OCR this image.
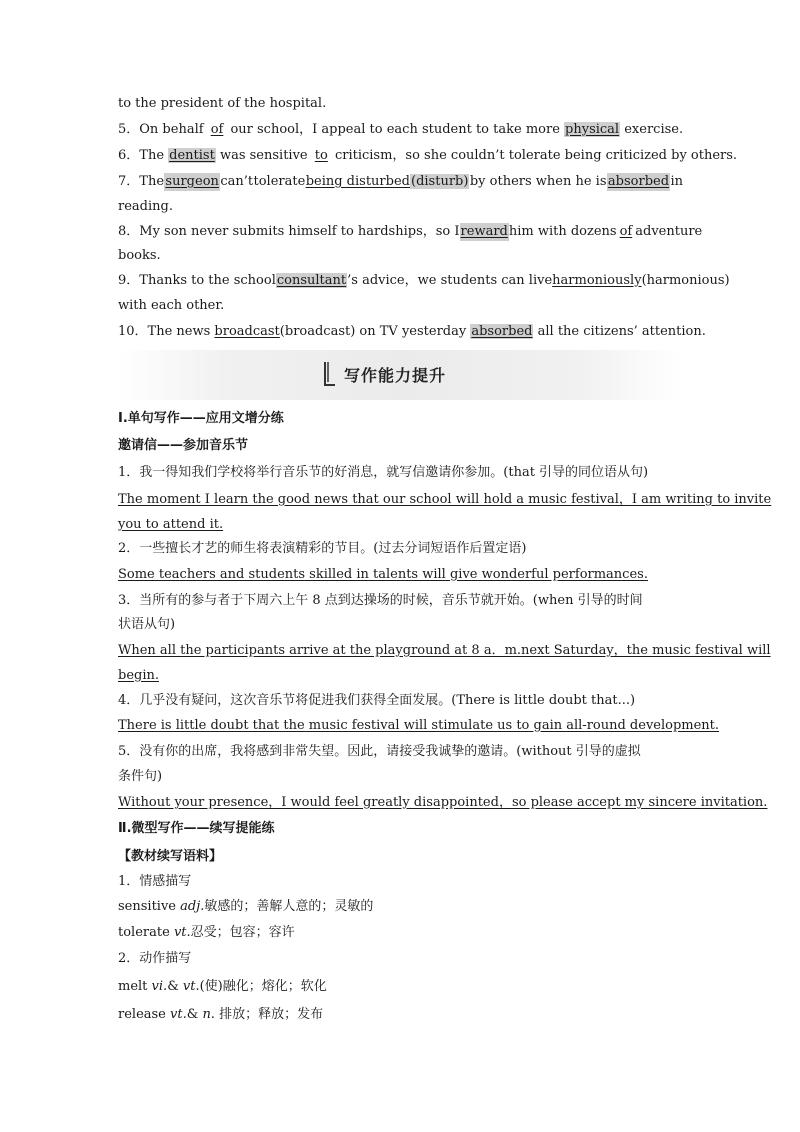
to the president of the hospital.
5．On behalf of our school，I appeal to each student to take more physical exercise.
6．The dentist was sensitive to criticism，so she couldn’t tolerate being criticized by others.
7．The surgeon can’t tolerate being disturbed(disturb) by others when he is absorbed in
reading.
8．My son never submits himself to hardships，so I reward him with dozens of adventure
books.
9．Thanks to the school consultant’s advice，we students can live harmoniously(harmonious)
with each other.
10．The news broadcast(broadcast) on TV yesterday absorbed all the citizens’ attention.
写作能力提升
Ⅰ.单句写作——应用文增分练
邀请信——参加音乐节
1．我一得知我们学校将举行音乐节的好消息，就写信邀请你参加。(that 引导的同位语从句)
The moment I learn the good news that our school will hold a music festival，I am writing to invite
you to attend it.
2．一些擅长才艺的师生将表演精彩的节目。(过去分词短语作后置定语)
Some teachers and students skilled in talents will give wonderful performances.
3．当所有的参与者于下周六上午 8 点到达操场的时候，音乐节就开始。(when 引导的时间
状语从句)
When all the participants arrive at the playground at 8 a．m.next Saturday，the music festival will
begin.
4．几乎没有疑问，这次音乐节将促进我们获得全面发展。(There is little doubt that...)
There is little doubt that the music festival will stimulate us to gain all-round development.
5．没有你的出席，我将感到非常失望。因此，请接受我诚挚的邀请。(without 引导的虚拟
条件句)
Without your presence，I would feel greatly disappointed，so please accept my sincere invitation.
Ⅱ.微型写作——续写提能练
【教材续写语料】
1．情感描写
sensitive adj.敏感的；善解人意的；灵敏的
tolerate vt.忍受；包容；容许
2．动作描写
melt vi.& vt.(使)融化；熔化；软化
release vt.& n. 排放；释放；发布
